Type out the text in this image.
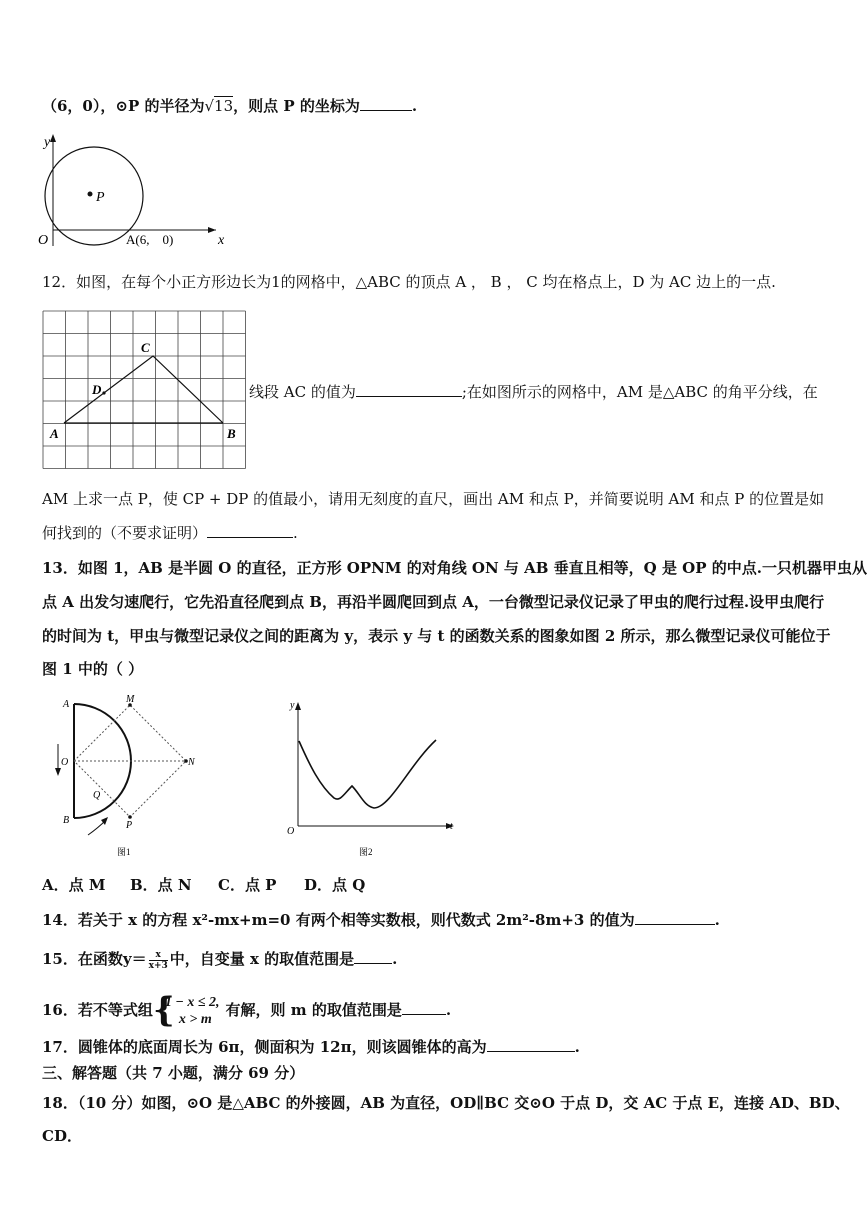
（6，0），⊙P 的半径为√13，则点 P 的坐标为	.
y
O	x
P
A(6,　0)
12．如图，在每个小正方形边长为1的网格中，△ABC 的顶点 A ， B ， C 均在格点上，D 为 AC 边上的一点.
A	B
C
D	线段 AC 的值为	;在如图所示的网格中，AM 是△ABC 的角平分线，在
AM 上求一点 P，使 CP + DP 的值最小，请用无刻度的直尺，画出 AM 和点 P，并简要说明 AM 和点 P 的位置是如
何找到的（不要求证明）	.
13．如图 1，AB 是半圆 O 的直径，正方形 OPNM 的对角线 ON 与 AB 垂直且相等，Q 是 OP 的中点.一只机器甲虫从
点 A 出发匀速爬行，它先沿直径爬到点 B，再沿半圆爬回到点 A，一台微型记录仪记录了甲虫的爬行过程.设甲虫爬行
的时间为 t，甲虫与微型记录仪之间的距离为 y，表示 y 与 t 的函数关系的图象如图 2 所示，那么微型记录仪可能位于
图 1 中的（ ）
A	M
O	N
Q
B	P
图1
y
O	t
图2
A．点 M B．点 N C．点 P D．点 Q
14．若关于 x 的方程 x²-mx+m=0 有两个相等实数根，则代数式 2m²-8m+3 的值为	.
15．在函数$y= \frac{x}{x+3}$ 中，自变量 x 的取值范围是	.
16．若不等式组 {
1 − x ≤ 2,
x > m
有解，则 m 的取值范围是	.
17．圆锥体的底面周长为 6π，侧面积为 12π，则该圆锥体的高为	.
三、解答题（共 7 小题，满分 69 分）
18．（10 分）如图，⊙O 是△ABC 的外接圆，AB 为直径，OD∥BC 交⊙O 于点 D，交 AC 于点 E，连接 AD、BD、
CD．
